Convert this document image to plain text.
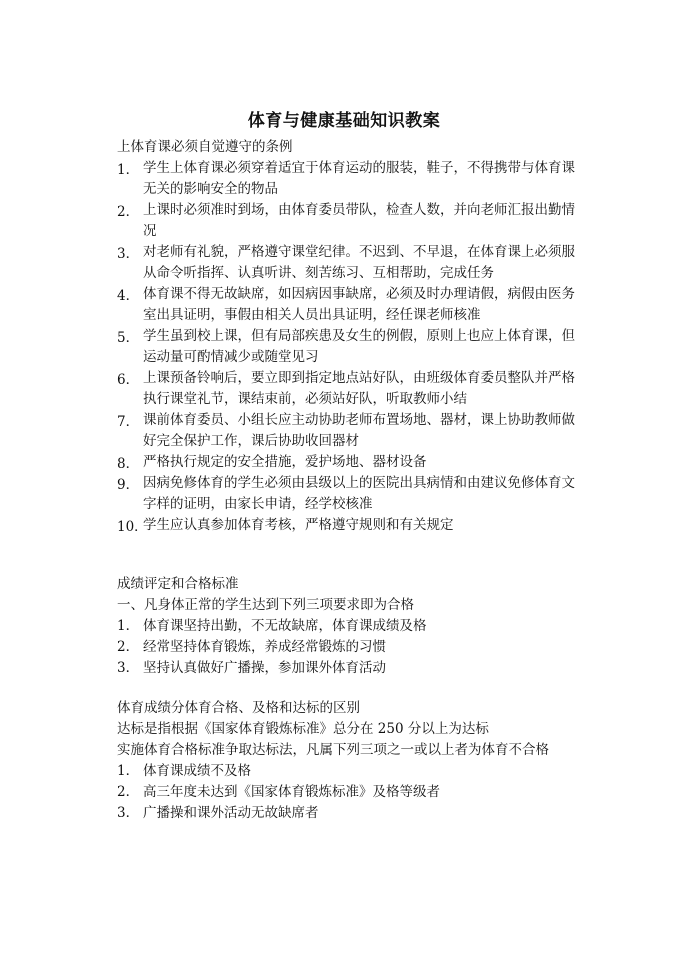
体育与健康基础知识教案
上体育课必须自觉遵守的条例
1． 学生上体育课必须穿着适宜于体育运动的服装，鞋子，不得携带与体育课无关的影响安全的物品
2． 上课时必须准时到场，由体育委员带队，检查人数，并向老师汇报出勤情况
3． 对老师有礼貌，严格遵守课堂纪律。不迟到、不早退，在体育课上必须服从命令听指挥、认真听讲、刻苦练习、互相帮助，完成任务
4． 体育课不得无故缺席，如因病因事缺席，必须及时办理请假，病假由医务室出具证明，事假由相关人员出具证明，经任课老师核准
5． 学生虽到校上课，但有局部疾患及女生的例假，原则上也应上体育课，但运动量可酌情减少或随堂见习
6． 上课预备铃响后，要立即到指定地点站好队，由班级体育委员整队并严格执行课堂礼节，课结束前，必须站好队，听取教师小结
7． 课前体育委员、小组长应主动协助老师布置场地、器材，课上协助教师做好完全保护工作，课后协助收回器材
8． 严格执行规定的安全措施，爱护场地、器材设备
9． 因病免修体育的学生必须由县级以上的医院出具病情和由建议免修体育文字样的证明，由家长申请，经学校核准
10．
学生应认真参加体育考核，严格遵守规则和有关规定
成绩评定和合格标准
一、凡身体正常的学生达到下列三项要求即为合格
1． 体育课坚持出勤，不无故缺席，体育课成绩及格
2． 经常坚持体育锻炼，养成经常锻炼的习惯
3． 坚持认真做好广播操，参加课外体育活动
体育成绩分体育合格、及格和达标的区别
达标是指根据《国家体育锻炼标准》总分在 250 分以上为达标
实施体育合格标准争取达标法，凡属下列三项之一或以上者为体育不合格
1． 体育课成绩不及格
2． 高三年度未达到《国家体育锻炼标准》及格等级者
3． 广播操和课外活动无故缺席者
